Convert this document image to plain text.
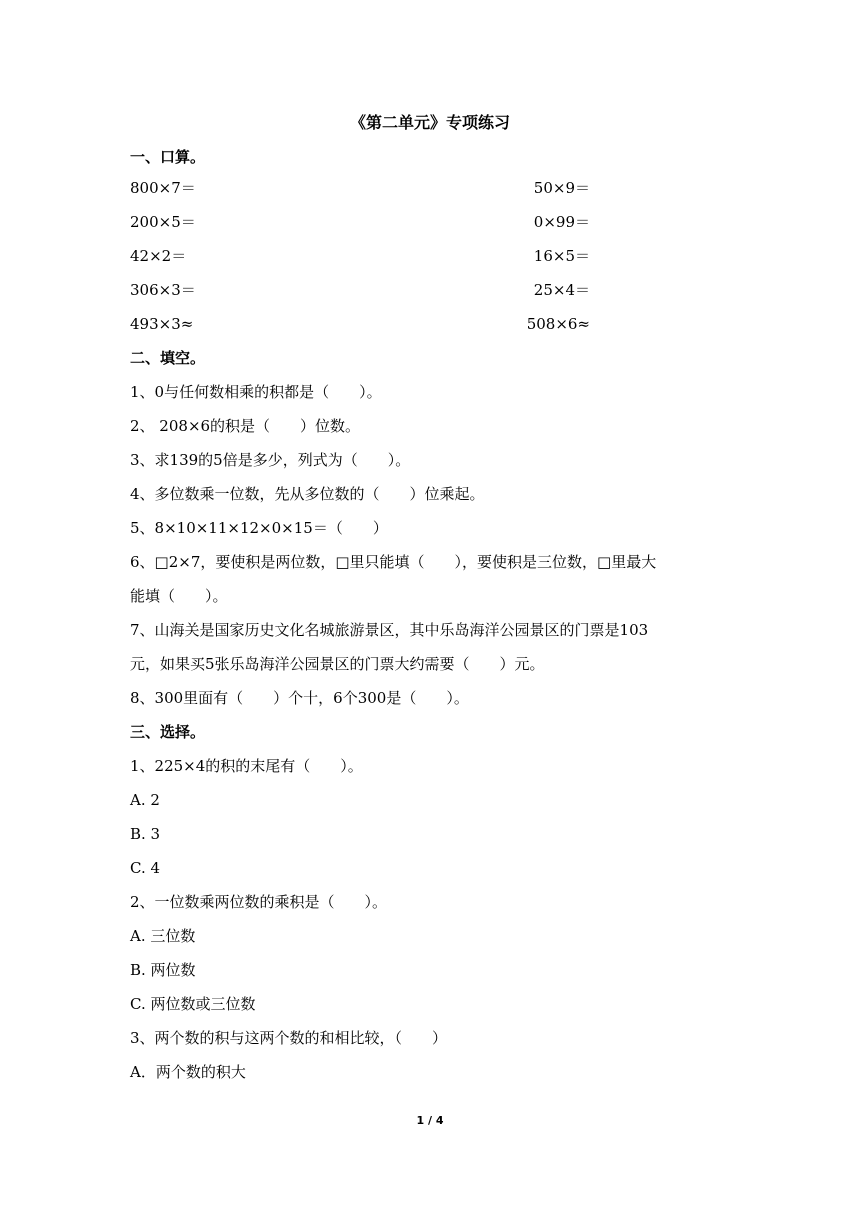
《第二单元》专项练习
一、口算。
800×7＝	50×9＝
200×5＝	0×99＝
42×2＝	16×5＝
306×3＝	25×4＝
493×3≈	508×6≈
二、填空。
1、0与任何数相乘的积都是（　　）。
2、 208×6的积是（　　）位数。
3、求139的5倍是多少，列式为（　　）。
4、多位数乘一位数，先从多位数的（　　）位乘起。
5、8×10×11×12×0×15＝（　　）
6、□2×7，要使积是两位数，□里只能填（　　），要使积是三位数，□里最大
能填（　　）。
7、山海关是国家历史文化名城旅游景区，其中乐岛海洋公园景区的门票是103
元，如果买5张乐岛海洋公园景区的门票大约需要（　　）元。
8、300里面有（　　）个十，6个300是（　　）。
三、选择。
1、225×4的积的末尾有（　　）。
A. 2
B. 3
C. 4
2、一位数乘两位数的乘积是（　　）。
A. 三位数
B. 两位数
C. 两位数或三位数
3、两个数的积与这两个数的和相比较，（　　）
A．两个数的积大
1 / 4
